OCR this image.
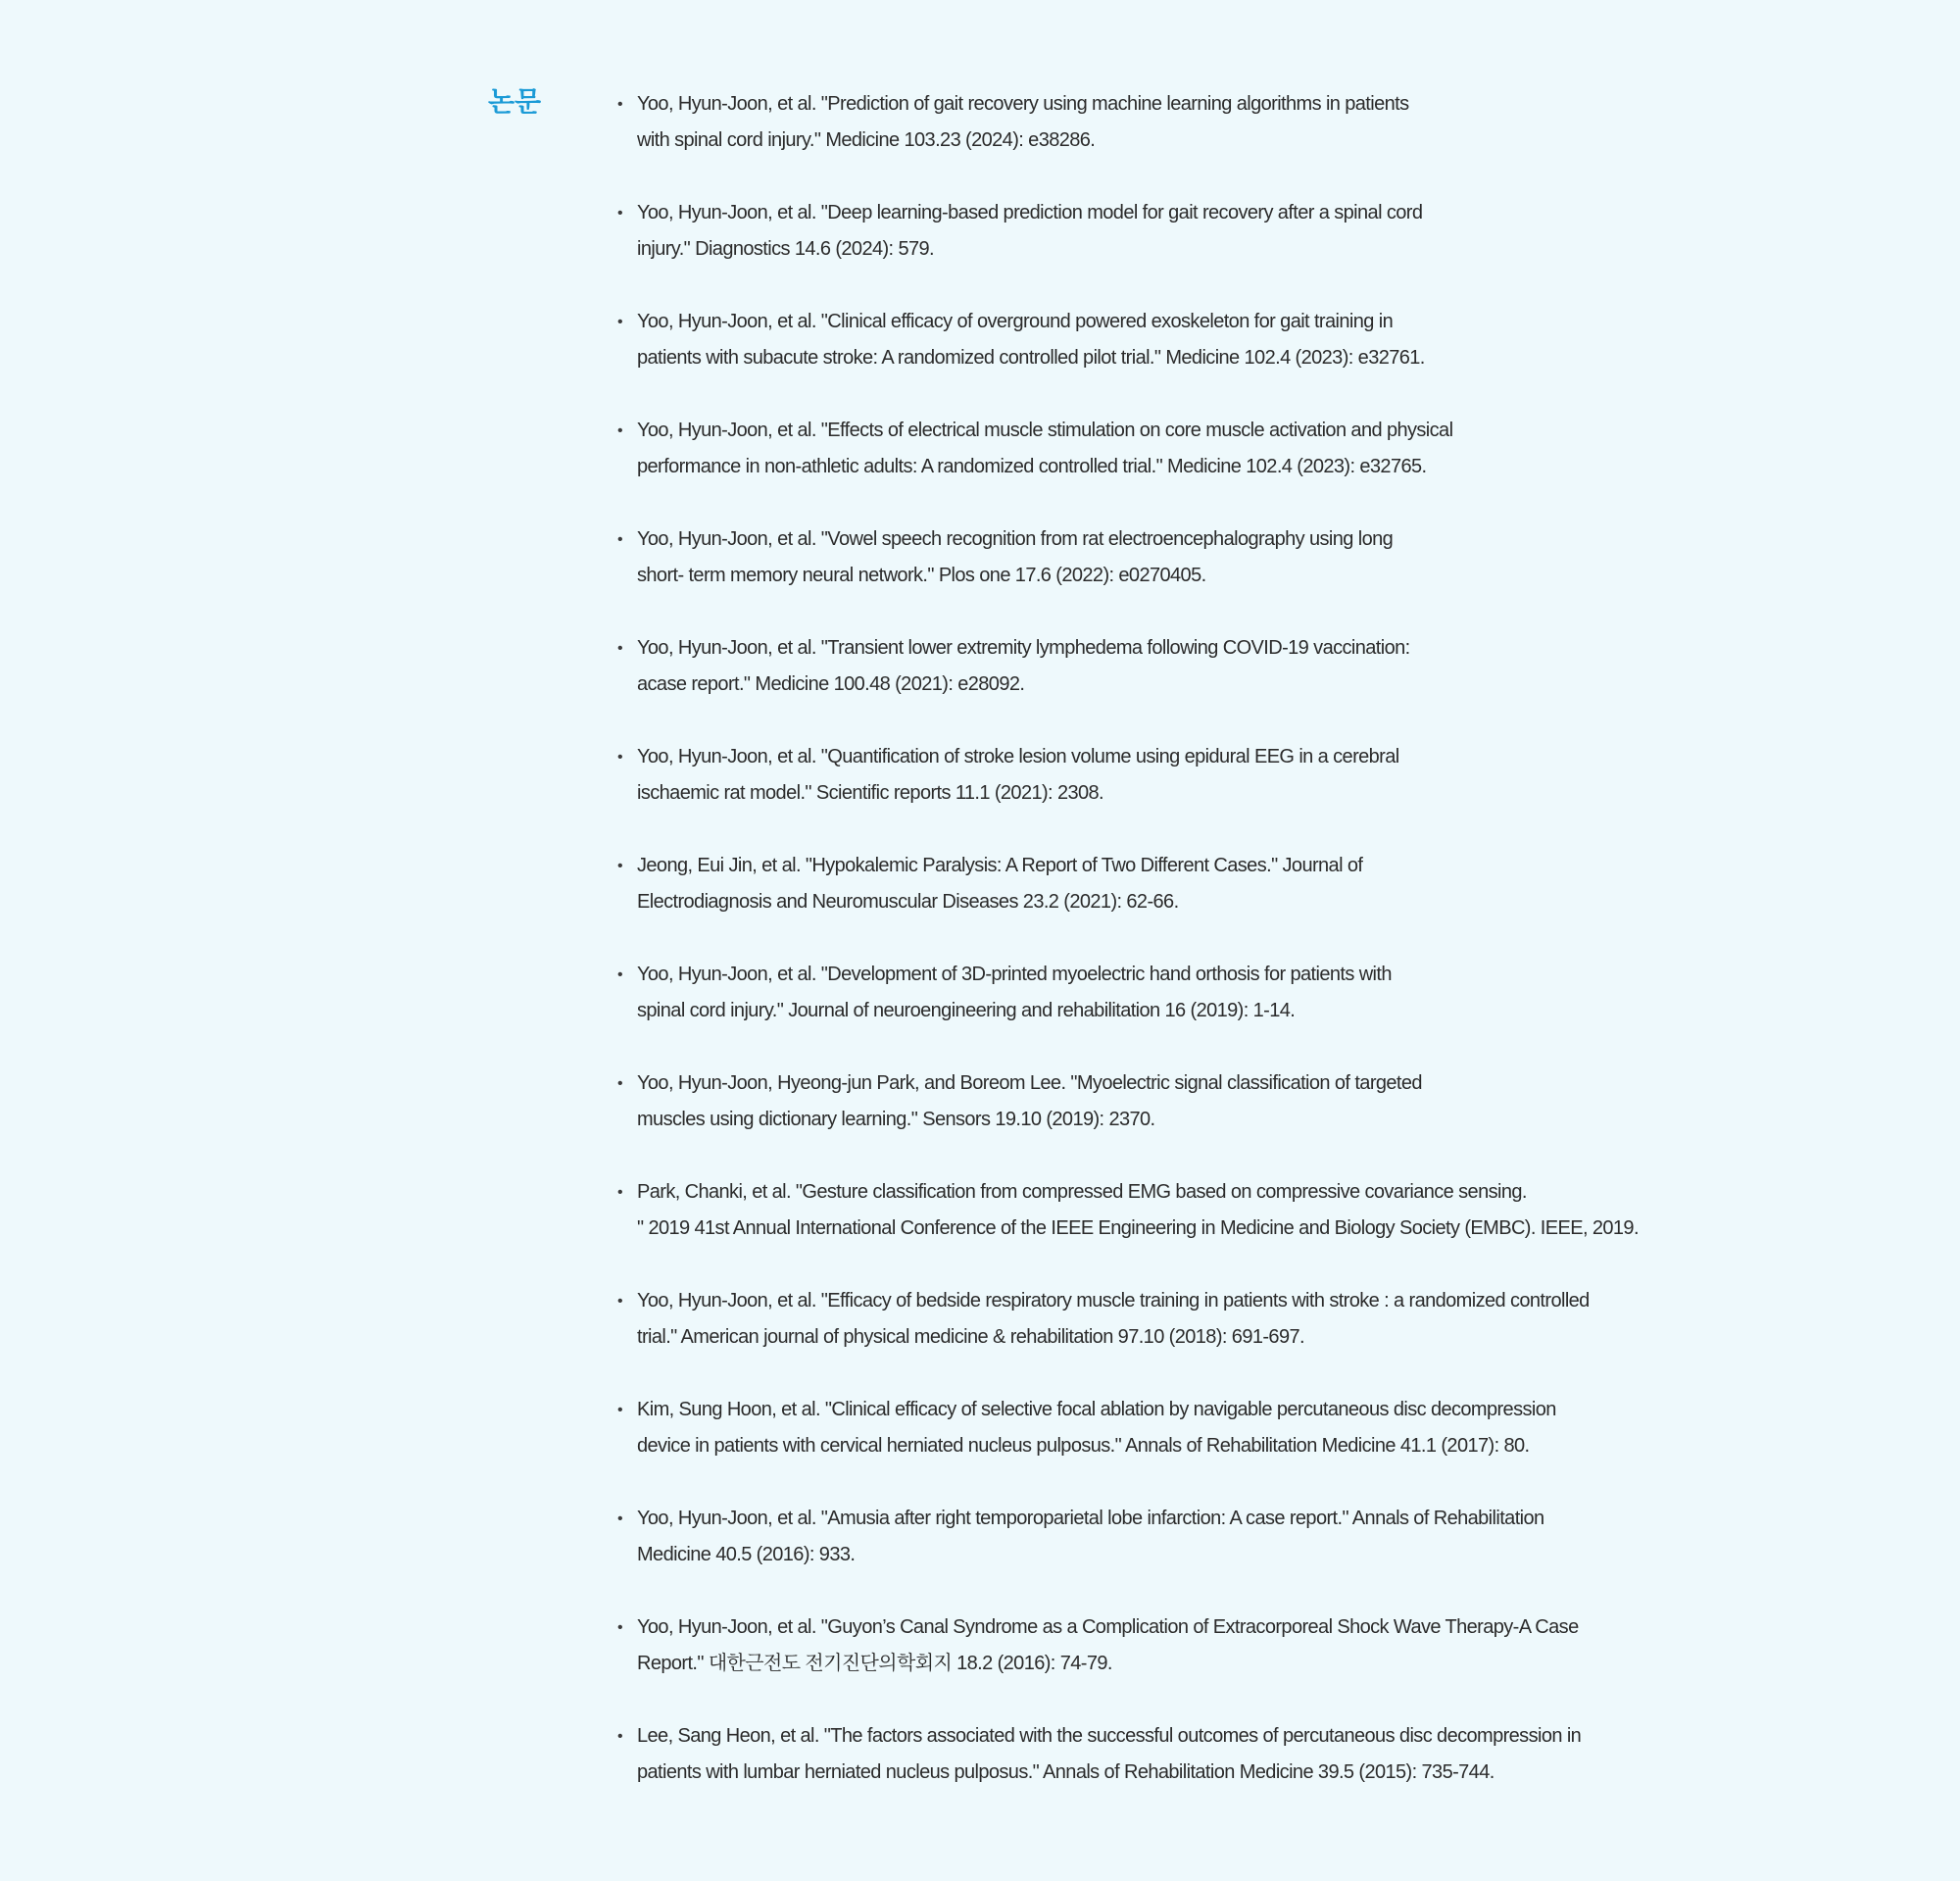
논문	• Yoo, Hyun-Joon, et al. "Prediction of gait recovery using machine learning algorithms in patients
with spinal cord injury." Medicine 103.23 (2024): e38286.
• Yoo, Hyun-Joon, et al. "Deep learning-based prediction model for gait recovery after a spinal cord
injury." Diagnostics 14.6 (2024): 579.
• Yoo, Hyun-Joon, et al. "Clinical efficacy of overground powered exoskeleton for gait training in
patients with subacute stroke: A randomized controlled pilot trial." Medicine 102.4 (2023): e32761.
• Yoo, Hyun-Joon, et al. "Effects of electrical muscle stimulation on core muscle activation and physical
performance in non-athletic adults: A randomized controlled trial." Medicine 102.4 (2023): e32765.
• Yoo, Hyun-Joon, et al. "Vowel speech recognition from rat electroencephalography using long
short- term memory neural network." Plos one 17.6 (2022): e0270405.
• Yoo, Hyun-Joon, et al. "Transient lower extremity lymphedema following COVID-19 vaccination:
acase report." Medicine 100.48 (2021): e28092.
• Yoo, Hyun-Joon, et al. "Quantification of stroke lesion volume using epidural EEG in a cerebral
ischaemic rat model." Scientific reports 11.1 (2021): 2308.
• Jeong, Eui Jin, et al. "Hypokalemic Paralysis: A Report of Two Different Cases." Journal of
Electrodiagnosis and Neuromuscular Diseases 23.2 (2021): 62-66.
• Yoo, Hyun-Joon, et al. "Development of 3D-printed myoelectric hand orthosis for patients with
spinal cord injury." Journal of neuroengineering and rehabilitation 16 (2019): 1-14.
• Yoo, Hyun-Joon, Hyeong-jun Park, and Boreom Lee. "Myoelectric signal classification of targeted
muscles using dictionary learning." Sensors 19.10 (2019): 2370.
• Park, Chanki, et al. "Gesture classification from compressed EMG based on compressive covariance sensing.
" 2019 41st Annual International Conference of the IEEE Engineering in Medicine and Biology Society (EMBC). IEEE, 2019.
• Yoo, Hyun-Joon, et al. "Efficacy of bedside respiratory muscle training in patients with stroke : a randomized controlled
trial." American journal of physical medicine & rehabilitation 97.10 (2018): 691-697.
• Kim, Sung Hoon, et al. "Clinical efficacy of selective focal ablation by navigable percutaneous disc decompression
device in patients with cervical herniated nucleus pulposus." Annals of Rehabilitation Medicine 41.1 (2017): 80.
• Yoo, Hyun-Joon, et al. "Amusia after right temporoparietal lobe infarction: A case report." Annals of Rehabilitation
Medicine 40.5 (2016): 933.
• Yoo, Hyun-Joon, et al. "Guyon’s Canal Syndrome as a Complication of Extracorporeal Shock Wave Therapy-A Case
Report." 대한근전도 전기진단의학회지 18.2 (2016): 74-79.
• Lee, Sang Heon, et al. "The factors associated with the successful outcomes of percutaneous disc decompression in
patients with lumbar herniated nucleus pulposus." Annals of Rehabilitation Medicine 39.5 (2015): 735-744.
